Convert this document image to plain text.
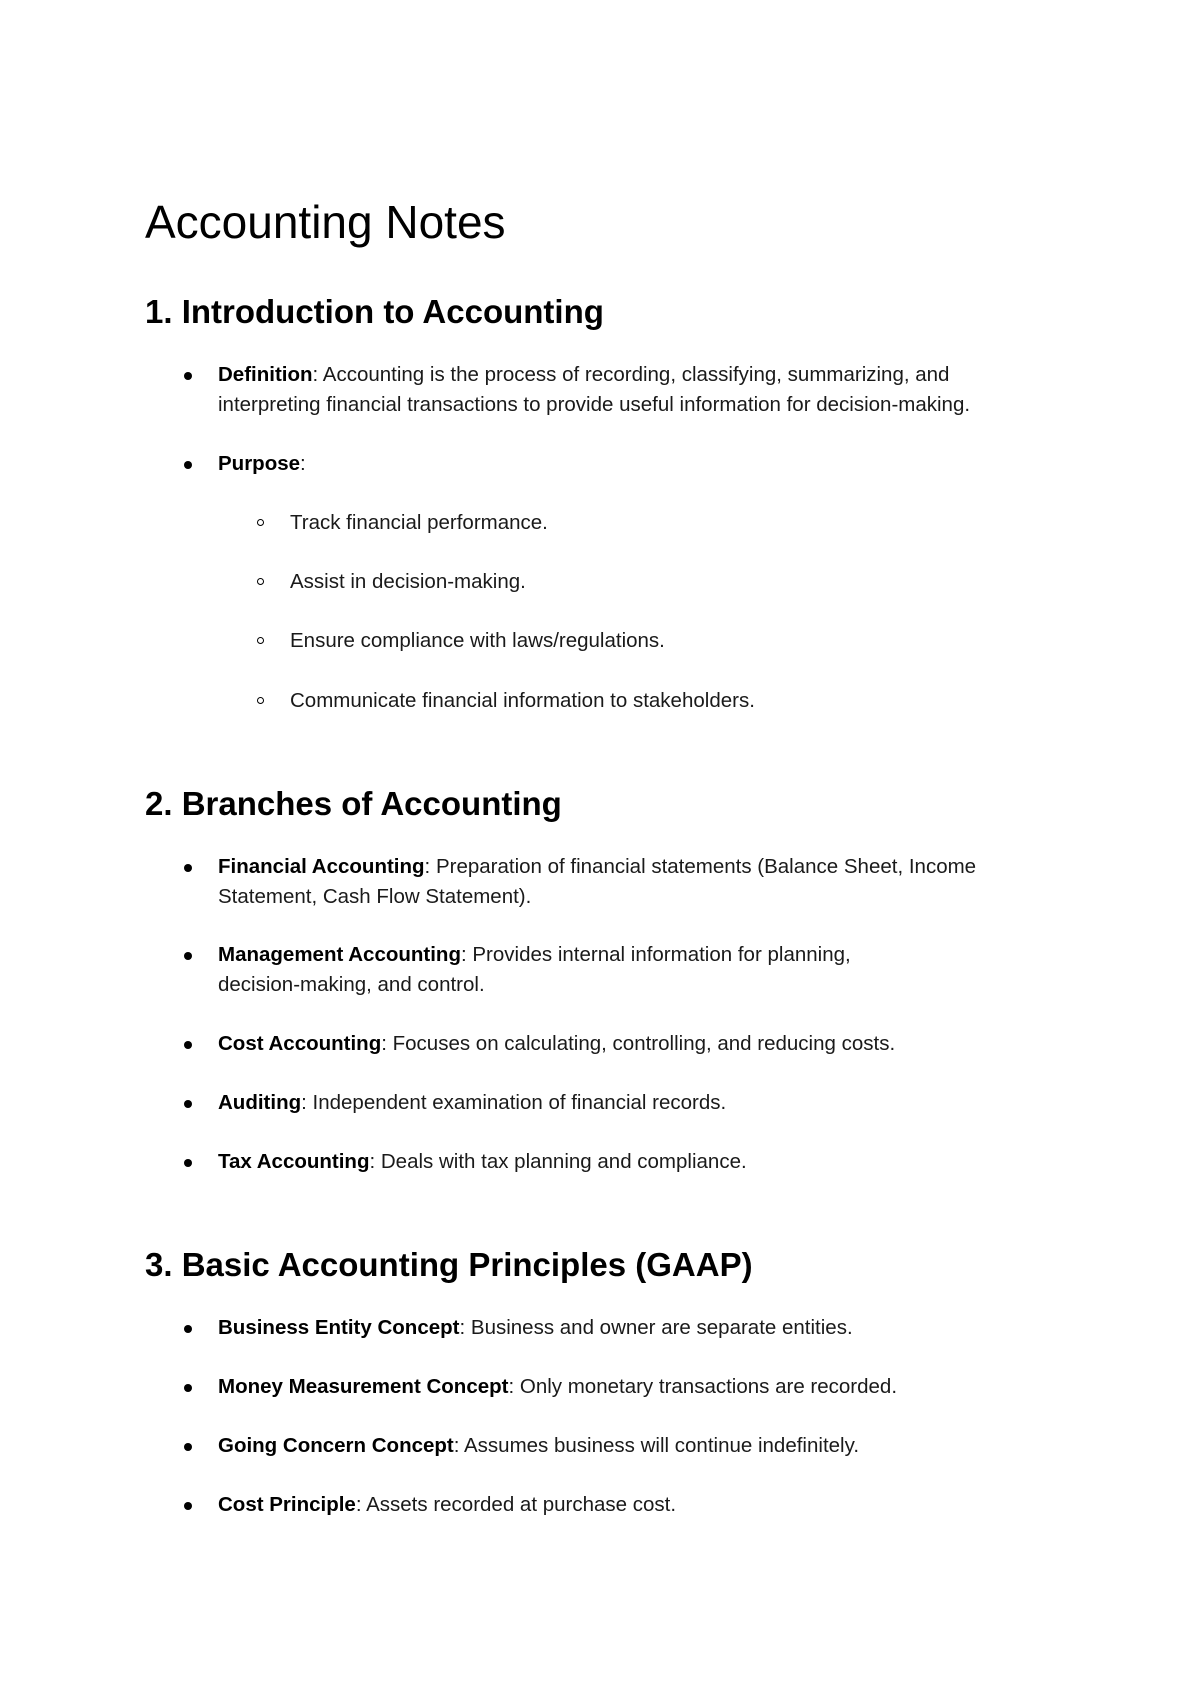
Accounting Notes
1. Introduction to Accounting
Definition: Accounting is the process of recording, classifying, summarizing, and interpreting financial transactions to provide useful information for decision-making.
Purpose:
Track financial performance.
Assist in decision-making.
Ensure compliance with laws/regulations.
Communicate financial information to stakeholders.
2. Branches of Accounting
Financial Accounting: Preparation of financial statements (Balance Sheet, Income Statement, Cash Flow Statement).
Management Accounting: Provides internal information for planning, decision-making, and control.
Cost Accounting: Focuses on calculating, controlling, and reducing costs.
Auditing: Independent examination of financial records.
Tax Accounting: Deals with tax planning and compliance.
3. Basic Accounting Principles (GAAP)
Business Entity Concept: Business and owner are separate entities.
Money Measurement Concept: Only monetary transactions are recorded.
Going Concern Concept: Assumes business will continue indefinitely.
Cost Principle: Assets recorded at purchase cost.
